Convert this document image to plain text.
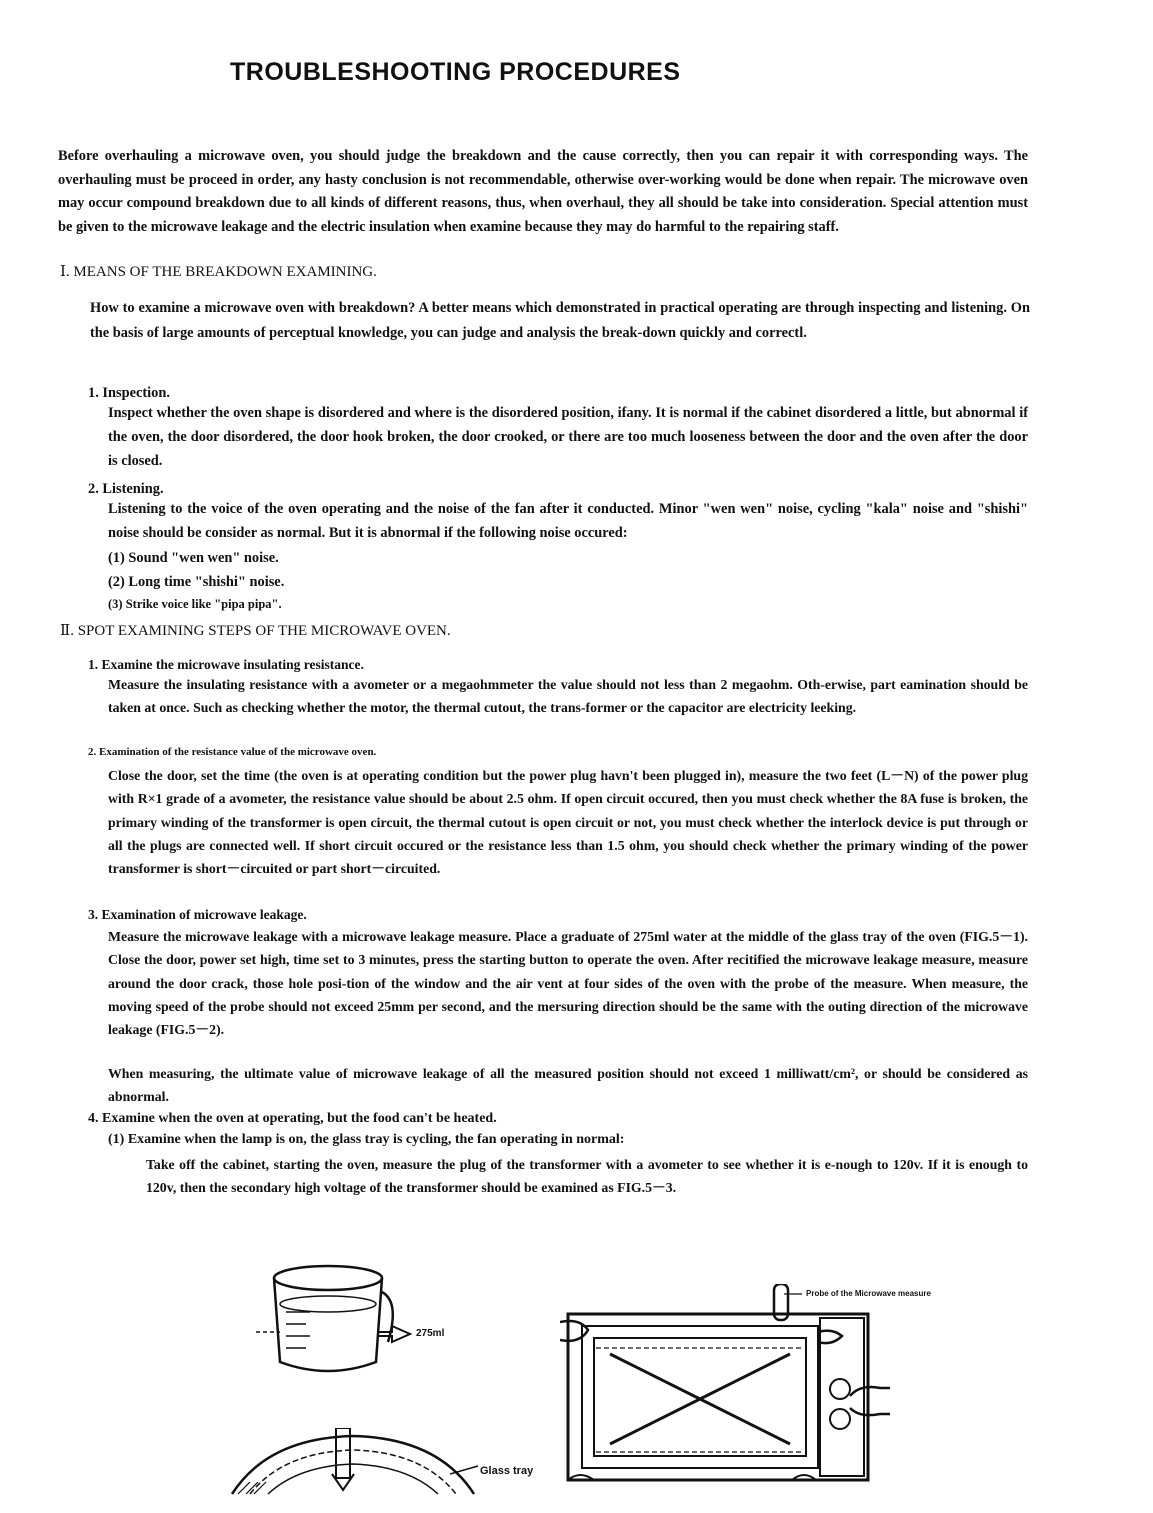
TROUBLESHOOTING PROCEDURES
Before overhauling a microwave oven, you should judge the breakdown and the cause correctly, then you can repair it with corresponding ways. The overhauling must be proceed in order, any hasty conclusion is not recommendable, otherwise over-working would be done when repair. The microwave oven may occur compound breakdown due to all kinds of different reasons, thus, when overhaul, they all should be take into consideration. Special attention must be given to the microwave leakage and the electric insulation when examine because they may do harmful to the repairing staff.
Ⅰ. MEANS OF THE BREAKDOWN EXAMINING.
How to examine a microwave oven with breakdown? A better means which demonstrated in practical operating are through inspecting and listening. On the basis of large amounts of perceptual knowledge, you can judge and analysis the break-down quickly and correctl.
1. Inspection.
Inspect whether the oven shape is disordered and where is the disordered position, ifany. It is normal if the cabinet disordered a little, but abnormal if the oven, the door disordered, the door hook broken, the door crooked, or there are too much looseness between the door and the oven after the door is closed.
2. Listening.
Listening to the voice of the oven operating and the noise of the fan after it conducted. Minor "wen wen" noise, cycling "kala" noise and "shishi" noise should be consider as normal. But it is abnormal if the following noise occured:
(1) Sound "wen wen" noise.
(2) Long time "shishi" noise.
(3) Strike voice like "pipa pipa".
Ⅱ. SPOT EXAMINING STEPS OF THE MICROWAVE OVEN.
1. Examine the microwave insulating resistance.
Measure the insulating resistance with a avometer or a megaohmmeter the value should not less than 2 megaohm. Oth-erwise, part eamination should be taken at once. Such as checking whether the motor, the thermal cutout, the trans-former or the capacitor are electricity leeking.
2. Examination of the resistance value of the microwave oven.
Close the door, set the time (the oven is at operating condition but the power plug havn't been plugged in), measure the two feet (L－N) of the power plug with R×1 grade of a avometer, the resistance value should be about 2.5 ohm. If open circuit occured, then you must check whether the 8A fuse is broken, the primary winding of the transformer is open circuit, the thermal cutout is open circuit or not, you must check whether the interlock device is put through or all the plugs are connected well. If short circuit occured or the resistance less than 1.5 ohm, you should check whether the primary winding of the power transformer is short－circuited or part short－circuited.
3. Examination of microwave leakage.
Measure the microwave leakage with a microwave leakage measure. Place a graduate of 275ml water at the middle of the glass tray of the oven (FIG.5－1). Close the door, power set high, time set to 3 minutes, press the starting button to operate the oven. After recitified the microwave leakage measure, measure around the door crack, those hole posi-tion of the window and the air vent at four sides of the oven with the probe of the measure. When measure, the moving speed of the probe should not exceed 25mm per second, and the mersuring direction should be the same with the outing direction of the microwave leakage (FIG.5－2).
When measuring, the ultimate value of microwave leakage of all the measured position should not exceed 1 milliwatt/cm², or should be considered as abnormal.
4. Examine when the oven at operating, but the food can't be heated.
(1) Examine when the lamp is on, the glass tray is cycling, the fan operating in normal:
Take off the cabinet, starting the oven, measure the plug of the transformer with a avometer to see whether it is e-nough to 120v. If it is enough to 120v, then the secondary high voltage of the transformer should be examined as FIG.5－3.
275ml
Glass tray
Probe of the Microwave measure
